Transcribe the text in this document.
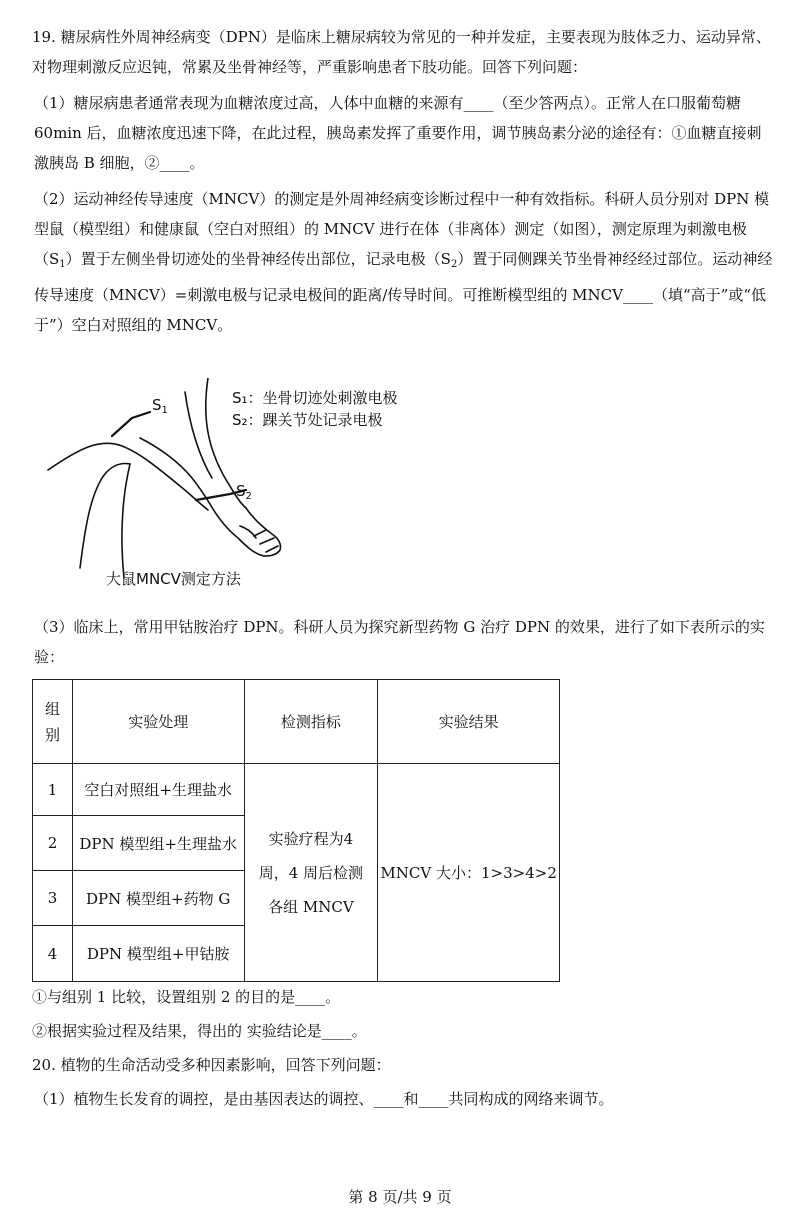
19. 糖尿病性外周神经病变（DPN）是临床上糖尿病较为常见的一种并发症，主要表现为肢体乏力、运动异常、对物理刺激反应迟钝，常累及坐骨神经等，严重影响患者下肢功能。回答下列问题：
（1）糖尿病患者通常表现为血糖浓度过高，人体中血糖的来源有____（至少答两点）。正常人在口服葡萄糖 60min 后，血糖浓度迅速下降，在此过程，胰岛素发挥了重要作用，调节胰岛素分泌的途径有：①血糖直接刺激胰岛 B 细胞，②____。
（2）运动神经传导速度（MNCV）的测定是外周神经病变诊断过程中一种有效指标。科研人员分别对 DPN 模型鼠（模型组）和健康鼠（空白对照组）的 MNCV 进行在体（非离体）测定（如图），测定原理为刺激电极$(S_1)$置于左侧坐骨切迹处的坐骨神经传出部位，记录电极$(S_2)$置于同侧踝关节坐骨神经经过部位。运动神经传导速度（MNCV）=刺激电极与记录电极间的距离/传导时间。可推断模型组的 MNCV____（填“高于”或“低于”）空白对照组的 MNCV。
$S_1$
$S_2$
S₁：坐骨切迹处刺激电极
S₂：踝关节处记录电极
大鼠MNCV测定方法
（3）临床上，常用甲钴胺治疗 DPN。科研人员为探究新型药物 G 治疗 DPN 的效果，进行了如下表所示的实验：
组
别	实验处理	检测指标	实验结果
1	空白对照组+生理盐水	实验疗程为4周，4 周后检测各组 MNCV	MNCV 大小：1>3>4>2
2	DPN 模型组+生理盐水		
3	DPN 模型组+药物 G		
4	DPN 模型组+甲钴胺		
①与组别 1 比较，设置组别 2 的目的是____。
②根据实验过程及结果，得出的 实验结论是____。
20. 植物的生命活动受多种因素影响，回答下列问题：
（1）植物生长发育的调控，是由基因表达的调控、____和____共同构成的网络来调节。
第 8 页/共 9 页
